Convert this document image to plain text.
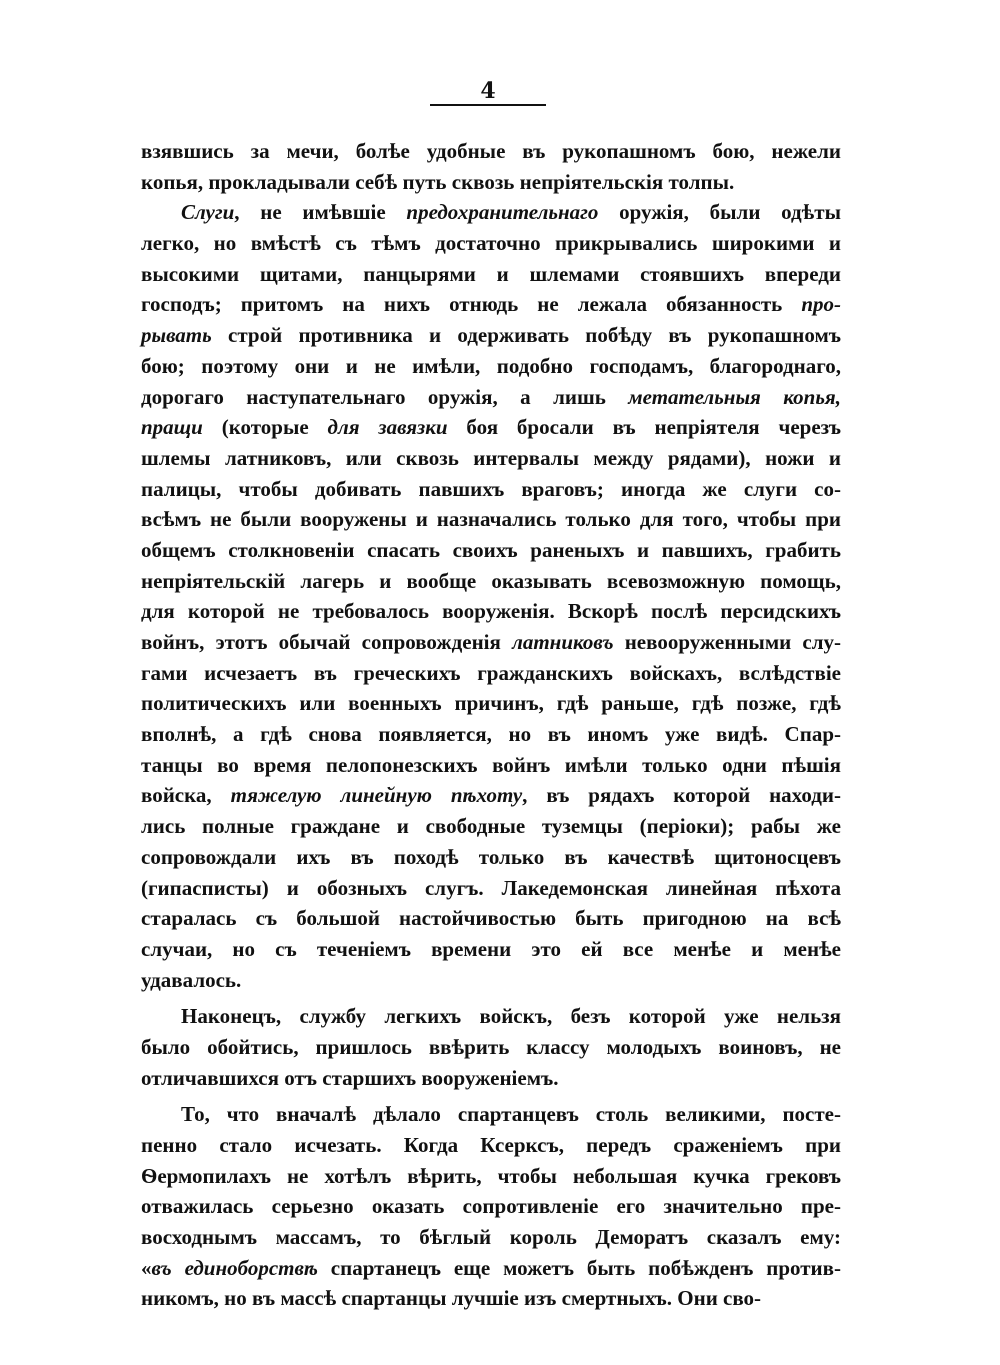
4

взявшись за мечи, болѣе удобные въ рукопашномъ бою, нежели
копья, прокладывали себѣ путь сквозь непріятельскія толпы.

Слуги, не имѣвшіе предохранительнаго оружія, были одѣты
легко, но вмѣстѣ съ тѣмъ достаточно прикрывались широкими и
высокими щитами, панцырями и шлемами стоявшихъ впереди
господъ; притомъ на нихъ отнюдь не лежала обязанность про-
рывать строй противника и одерживать побѣду въ рукопашномъ
бою; поэтому они и не имѣли, подобно господамъ, благороднаго,
дорогаго наступательнаго оружія, а лишь метательныя копья,
пращи (которые для завязки боя бросали въ непріятеля черезъ
шлемы латниковъ, или сквозь интервалы между рядами), ножи и
палицы, чтобы добивать павшихъ враговъ; иногда же слуги со-
всѣмъ не были вооружены и назначались только для того, чтобы при
общемъ столкновеніи спасать своихъ раненыхъ и павшихъ, грабить
непріятельскій лагерь и вообще оказывать всевозможную помощь,
для которой не требовалось вооруженія. Вскорѣ послѣ персидскихъ
войнъ, этотъ обычай сопровожденія латниковъ невооруженными слу-
гами исчезаетъ въ греческихъ гражданскихъ войскахъ, вслѣдствіе
политическихъ или военныхъ причинъ, гдѣ раньше, гдѣ позже, гдѣ
вполнѣ, а гдѣ снова появляется, но въ иномъ уже видѣ. Спар-
танцы во время пелопонезскихъ войнъ имѣли только одни пѣшія
войска, тяжелую линейную пѣхоту, въ рядахъ которой находи-
лись полные граждане и свободные туземцы (періоки); рабы же
сопровождали ихъ въ походѣ только въ качествѣ щитоносцевъ
(гипасписты) и обозныхъ слугъ. Лакедемонская линейная пѣхота
старалась съ большой настойчивостью быть пригодною на всѣ
случаи, но съ теченіемъ времени это ей все менѣе и менѣе
удавалось.

Наконецъ, службу легкихъ войскъ, безъ которой уже нельзя
было обойтись, пришлось ввѣрить классу молодыхъ воиновъ, не
отличавшихся отъ старшихъ вооруженіемъ.

То, что вначалѣ дѣлало спартанцевъ столь великими, посте-
пенно стало исчезать. Когда Ксерксъ, передъ сраженіемъ при
Ѳермопилахъ не хотѣлъ вѣрить, чтобы небольшая кучка грековъ
отважилась серьезно оказать сопротивленіе его значительно пре-
восходнымъ массамъ, то бѣглый король Деморатъ сказалъ ему:
«въ единоборствѣ спартанецъ еще можетъ быть побѣжденъ против-
никомъ, но въ массѣ спартанцы лучшіе изъ смертныхъ. Они сво-
